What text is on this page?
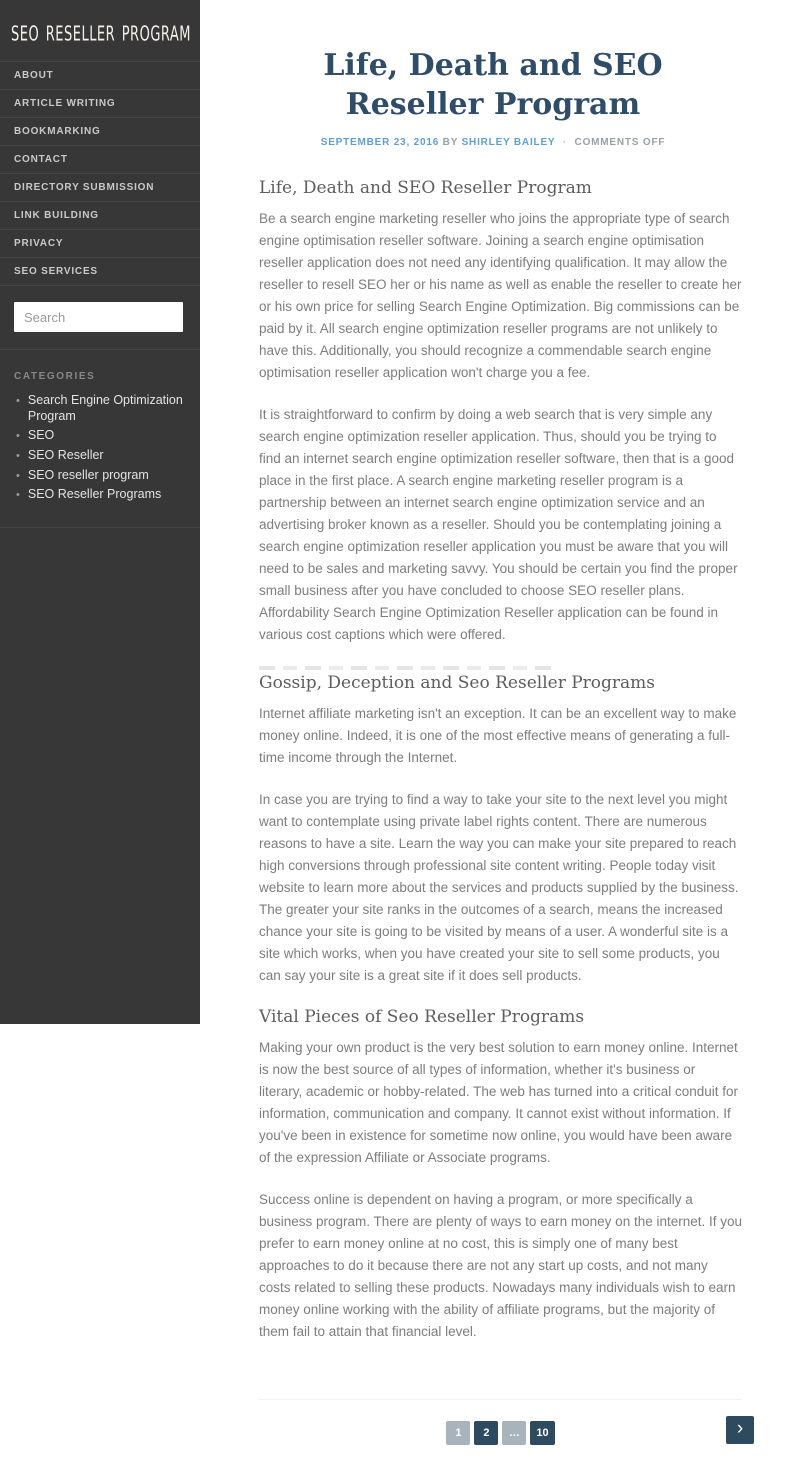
seo reseller program
ABOUT
ARTICLE WRITING
BOOKMARKING
CONTACT
DIRECTORY SUBMISSION
LINK BUILDING
PRIVACY
SEO SERVICES
Search
CATEGORIES
• Search Engine Optimization Program
• SEO
• SEO Reseller
• SEO reseller program
• SEO Reseller Programs
Life, Death and SEO Reseller Program
SEPTEMBER 23, 2016 BY SHIRLEY BAILEY · COMMENTS OFF
Life, Death and SEO Reseller Program

Be a search engine marketing reseller who joins the appropriate type of search engine optimisation reseller software. Joining a search engine optimisation reseller application does not need any identifying qualification. It may allow the reseller to resell SEO her or his name as well as enable the reseller to create her or his own price for selling Search Engine Optimization. Big commissions can be paid by it. All search engine optimization reseller programs are not unlikely to have this. Additionally, you should recognize a commendable search engine optimisation reseller application won't charge you a fee.

It is straightforward to confirm by doing a web search that is very simple any search engine optimization reseller application. Thus, should you be trying to find an internet search engine optimization reseller software, then that is a good place in the first place. A search engine marketing reseller program is a partnership between an internet search engine optimization service and an advertising broker known as a reseller. Should you be contemplating joining a search engine optimization reseller application you must be aware that you will need to be sales and marketing savvy. You should be certain you find the proper small business after you have concluded to choose SEO reseller plans. Affordability Search Engine Optimization Reseller application can be found in various cost captions which were offered.

Gossip, Deception and Seo Reseller Programs

Internet affiliate marketing isn't an exception. It can be an excellent way to make money online. Indeed, it is one of the most effective means of generating a full-time income through the Internet.

In case you are trying to find a way to take your site to the next level you might want to contemplate using private label rights content. There are numerous reasons to have a site. Learn the way you can make your site prepared to reach high conversions through professional site content writing. People today visit website to learn more about the services and products supplied by the business. The greater your site ranks in the outcomes of a search, means the increased chance your site is going to be visited by means of a user. A wonderful site is a site which works, when you have created your site to sell some products, you can say your site is a great site if it does sell products.

Vital Pieces of Seo Reseller Programs

Making your own product is the very best solution to earn money online. Internet is now the best source of all types of information, whether it's business or literary, academic or hobby-related. The web has turned into a critical conduit for information, communication and company. It cannot exist without information. If you've been in existence for sometime now online, you would have been aware of the expression Affiliate or Associate programs.

Success online is dependent on having a program, or more specifically a business program. There are plenty of ways to earn money on the internet. If you prefer to earn money online at no cost, this is simply one of many best approaches to do it because there are not any start up costs, and not many costs related to selling these products. Nowadays many individuals wish to earn money online working with the ability of affiliate programs, but the majority of them fail to attain that financial level.

1	2	…	10	›
